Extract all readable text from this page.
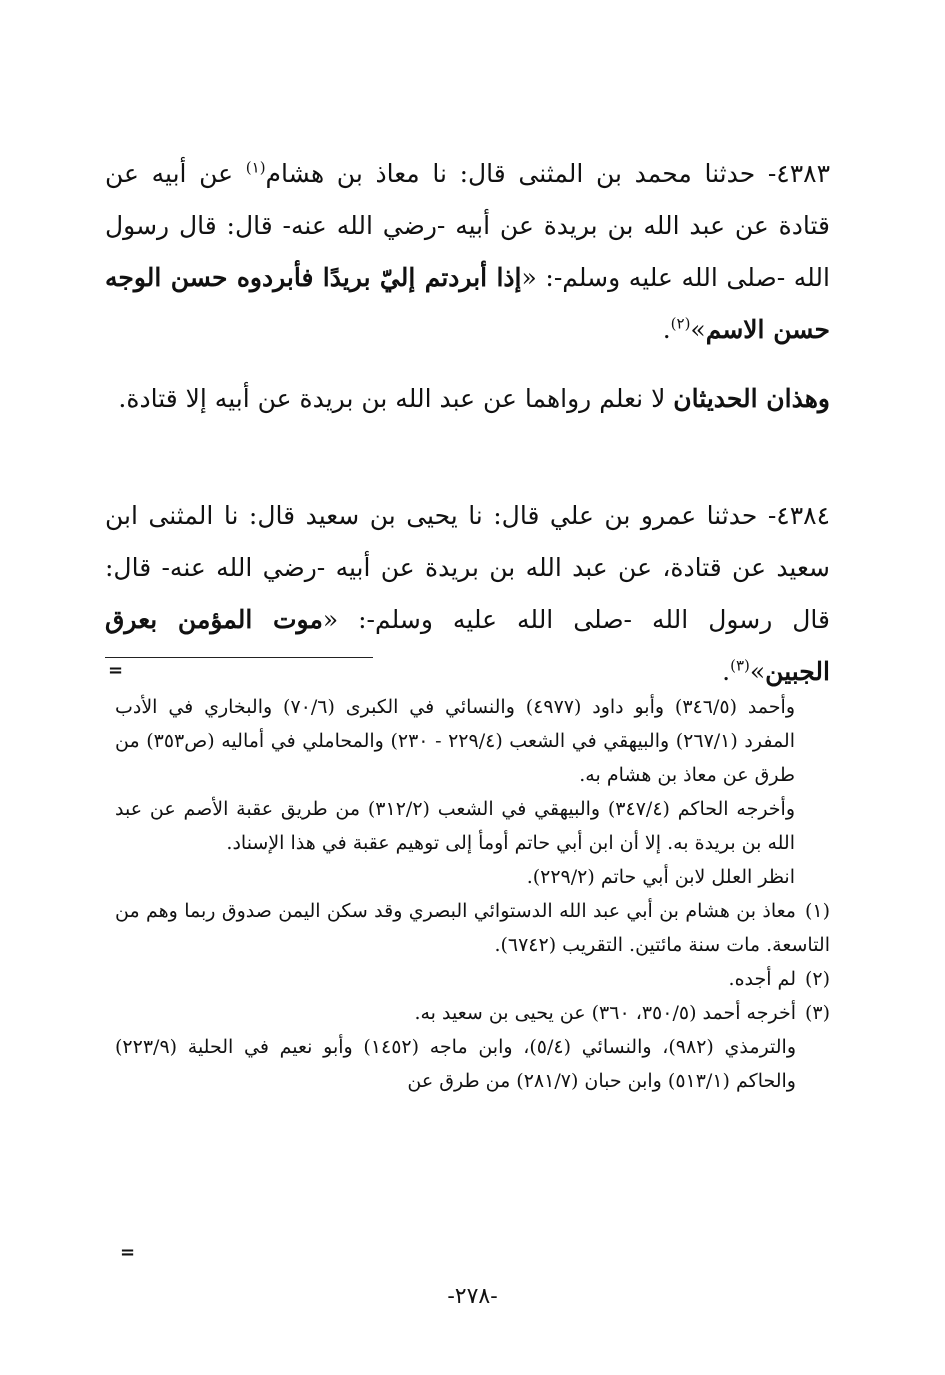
٤٣٨٣- حدثنا محمد بن المثنى قال: نا معاذ بن هشام$^{(١)}$ عن أبيه عن قتادة عن عبد الله بن بريدة عن أبيه -رضي الله عنه- قال: قال رسول الله -صلى الله عليه وسلم-: «إذا أبردتم إليّ بريدًا فأبردوه حسن الوجه حسن الاسم»$^{(٢)}$.

وهذان الحديثان لا نعلم رواهما عن عبد الله بن بريدة عن أبيه إلا قتادة.

٤٣٨٤- حدثنا عمرو بن علي قال: نا يحيى بن سعيد قال: نا المثنى ابن سعيد عن قتادة، عن عبد الله بن بريدة عن أبيه -رضي الله عنه- قال: قال رسول الله -صلى الله عليه وسلم-: «موت المؤمن بعرق الجبين»$^{(٣)}$.

=

وأحمد (٣٤٦/٥) وأبو داود (٤٩٧٧) والنسائي في الكبرى (٧٠/٦) والبخاري في الأدب المفرد (٢٦٧/١) والبيهقي في الشعب (٢٢٩/٤ - ٢٣٠) والمحاملي في أماليه (ص٣٥٣) من طرق عن معاذ بن هشام به.

وأخرجه الحاكم (٣٤٧/٤) والبيهقي في الشعب (٣١٢/٢) من طريق عقبة الأصم عن عبد الله بن بريدة به. إلا أن ابن أبي حاتم أومأ إلى توهيم عقبة في هذا الإسناد.

انظر العلل لابن أبي حاتم (٢٢٩/٢).

(١)معاذ بن هشام بن أبي عبد الله الدستوائي البصري وقد سكن اليمن صدوق ربما وهم من التاسعة. مات سنة مائتين. التقريب (٦٧٤٢).

(٢)لم أجده.

(٣)أخرجه أحمد (٣٥٠/٥، ٣٦٠) عن يحيى بن سعيد به.

والترمذي (٩٨٢)، والنسائي (٥/٤)، وابن ماجه (١٤٥٢) وأبو نعيم في الحلية (٢٢٣/٩) والحاكم (٥١٣/١) وابن حبان (٢٨١/٧) من طرق عن

=
-٢٧٨-
